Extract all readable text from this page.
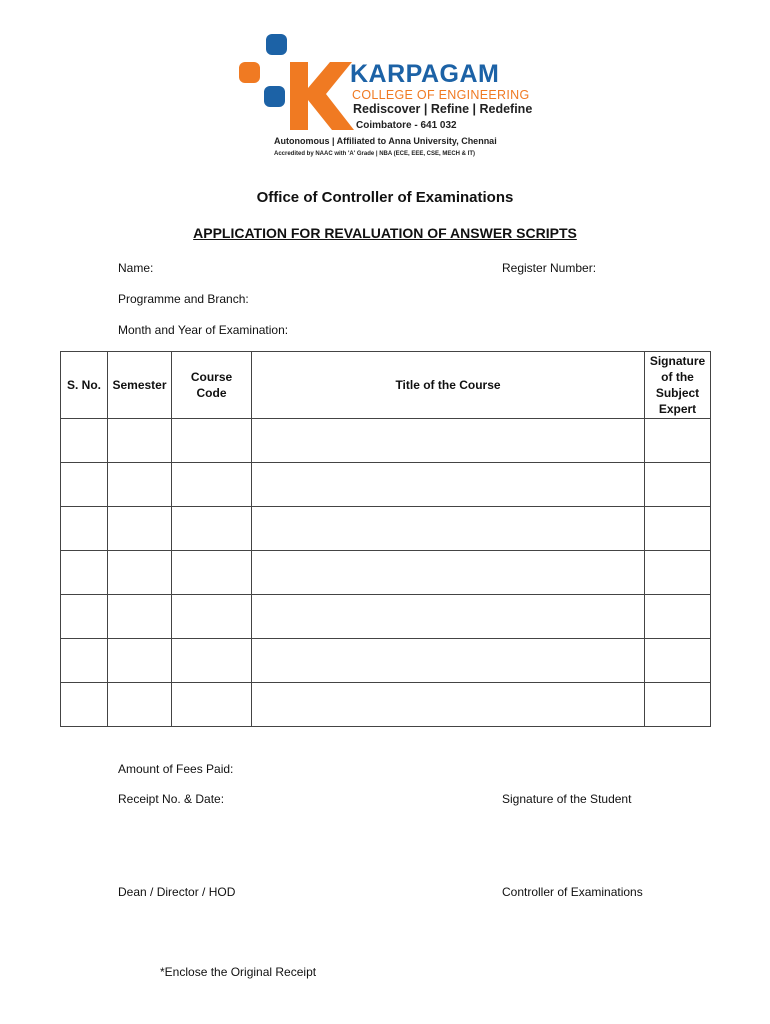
KARPAGAM
COLLEGE OF ENGINEERING
Rediscover | Refine | Redefine
Coimbatore - 641 032
Autonomous | Affiliated to Anna University, Chennai
Accredited by NAAC with 'A' Grade | NBA (ECE, EEE, CSE, MECH & IT)
Office of Controller of Examinations
APPLICATION FOR REVALUATION OF ANSWER SCRIPTS
Name:	Register Number:
Programme and Branch:
Month and Year of Examination:
S. No.	Semester	Course Code	Title of the Course	Signature of the Subject Expert

Amount of Fees Paid:
Receipt No. & Date:	Signature of the Student
Dean / Director / HOD	Controller of Examinations
*Enclose the Original Receipt
